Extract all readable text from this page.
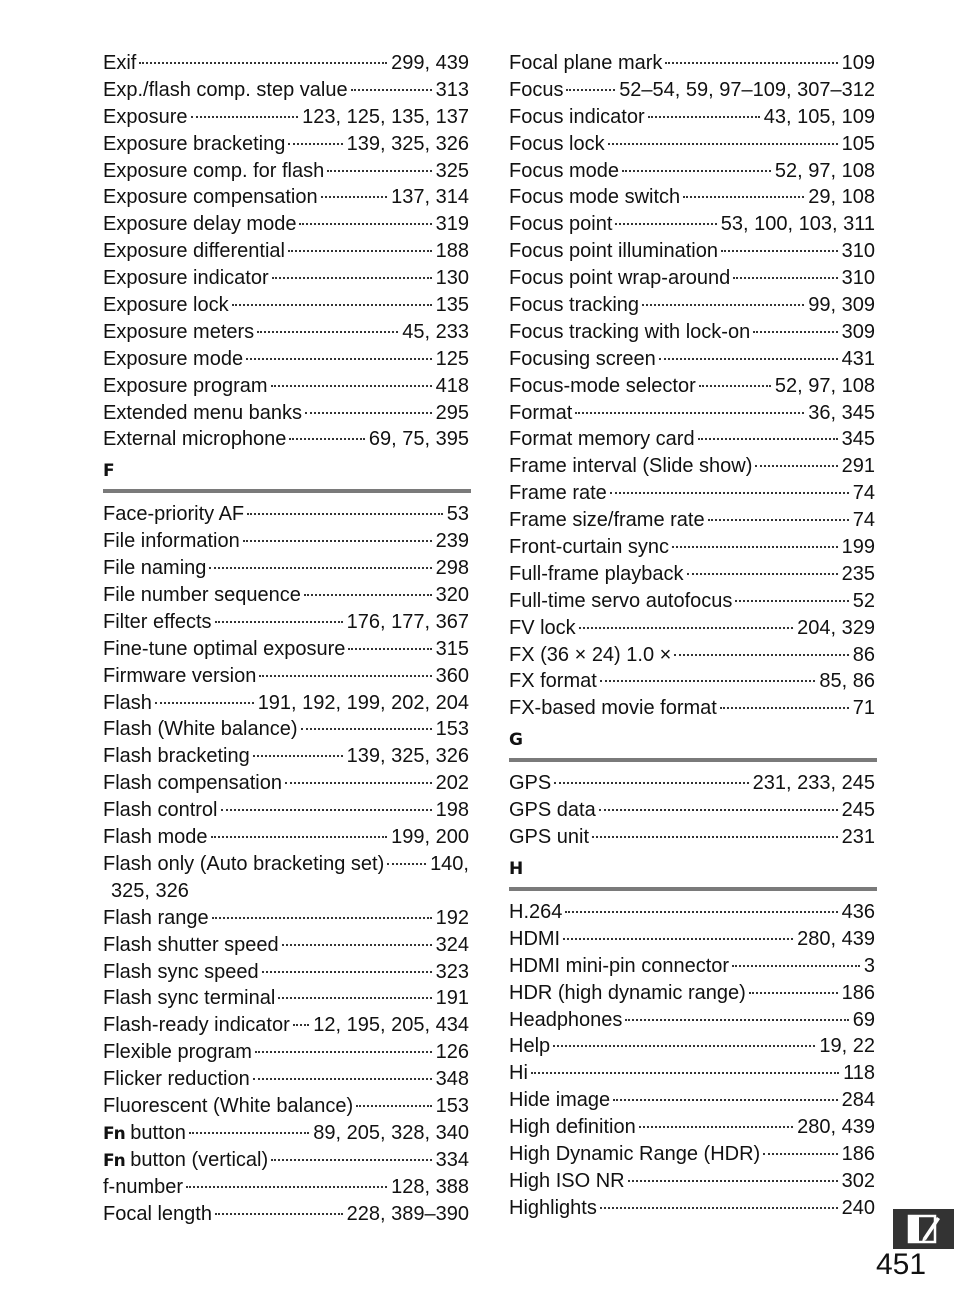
Exif	299, 439
Exp./flash comp. step value	313
Exposure	123, 125, 135, 137
Exposure bracketing	139, 325, 326
Exposure comp. for flash	325
Exposure compensation	137, 314
Exposure delay mode	319
Exposure differential	188
Exposure indicator	130
Exposure lock	135
Exposure meters	45, 233
Exposure mode	125
Exposure program	418
Extended menu banks	295
External microphone	69, 75, 395
F
Face-priority AF	53
File information	239
File naming	298
File number sequence	320
Filter effects	176, 177, 367
Fine-tune optimal exposure	315
Firmware version	360
Flash	191, 192, 199, 202, 204
Flash (White balance)	153
Flash bracketing	139, 325, 326
Flash compensation	202
Flash control	198
Flash mode	199, 200
Flash only (Auto bracketing set) 140,
325, 326
Flash range	192
Flash shutter speed	324
Flash sync speed	323
Flash sync terminal	191
Flash-ready indicator 12, 195, 205, 434
Flexible program	126
Flicker reduction	348
Fluorescent (White balance)	153
Fn button	89, 205, 328, 340
Fn button (vertical)	334
f-number	128, 388
Focal length	228, 389–390
Focal plane mark	109
Focus	52–54, 59, 97–109, 307–312
Focus indicator	43, 105, 109
Focus lock	105
Focus mode	52, 97, 108
Focus mode switch	29, 108
Focus point	53, 100, 103, 311
Focus point illumination	310
Focus point wrap-around	310
Focus tracking	99, 309
Focus tracking with lock-on	309
Focusing screen	431
Focus-mode selector	52, 97, 108
Format	36, 345
Format memory card	345
Frame interval (Slide show)	291
Frame rate	74
Frame size/frame rate	74
Front-curtain sync	199
Full-frame playback	235
Full-time servo autofocus	52
FV lock	204, 329
FX (36 × 24) 1.0 ×	86
FX format	85, 86
FX-based movie format	71
G
GPS	231, 233, 245
GPS data	245
GPS unit	231
H
H.264	436
HDMI	280, 439
HDMI mini-pin connector	3
HDR (high dynamic range)	186
Headphones	69
Help	19, 22
Hi	118
Hide image	284
High definition	280, 439
High Dynamic Range (HDR)	186
High ISO NR	302
Highlights	240
451
